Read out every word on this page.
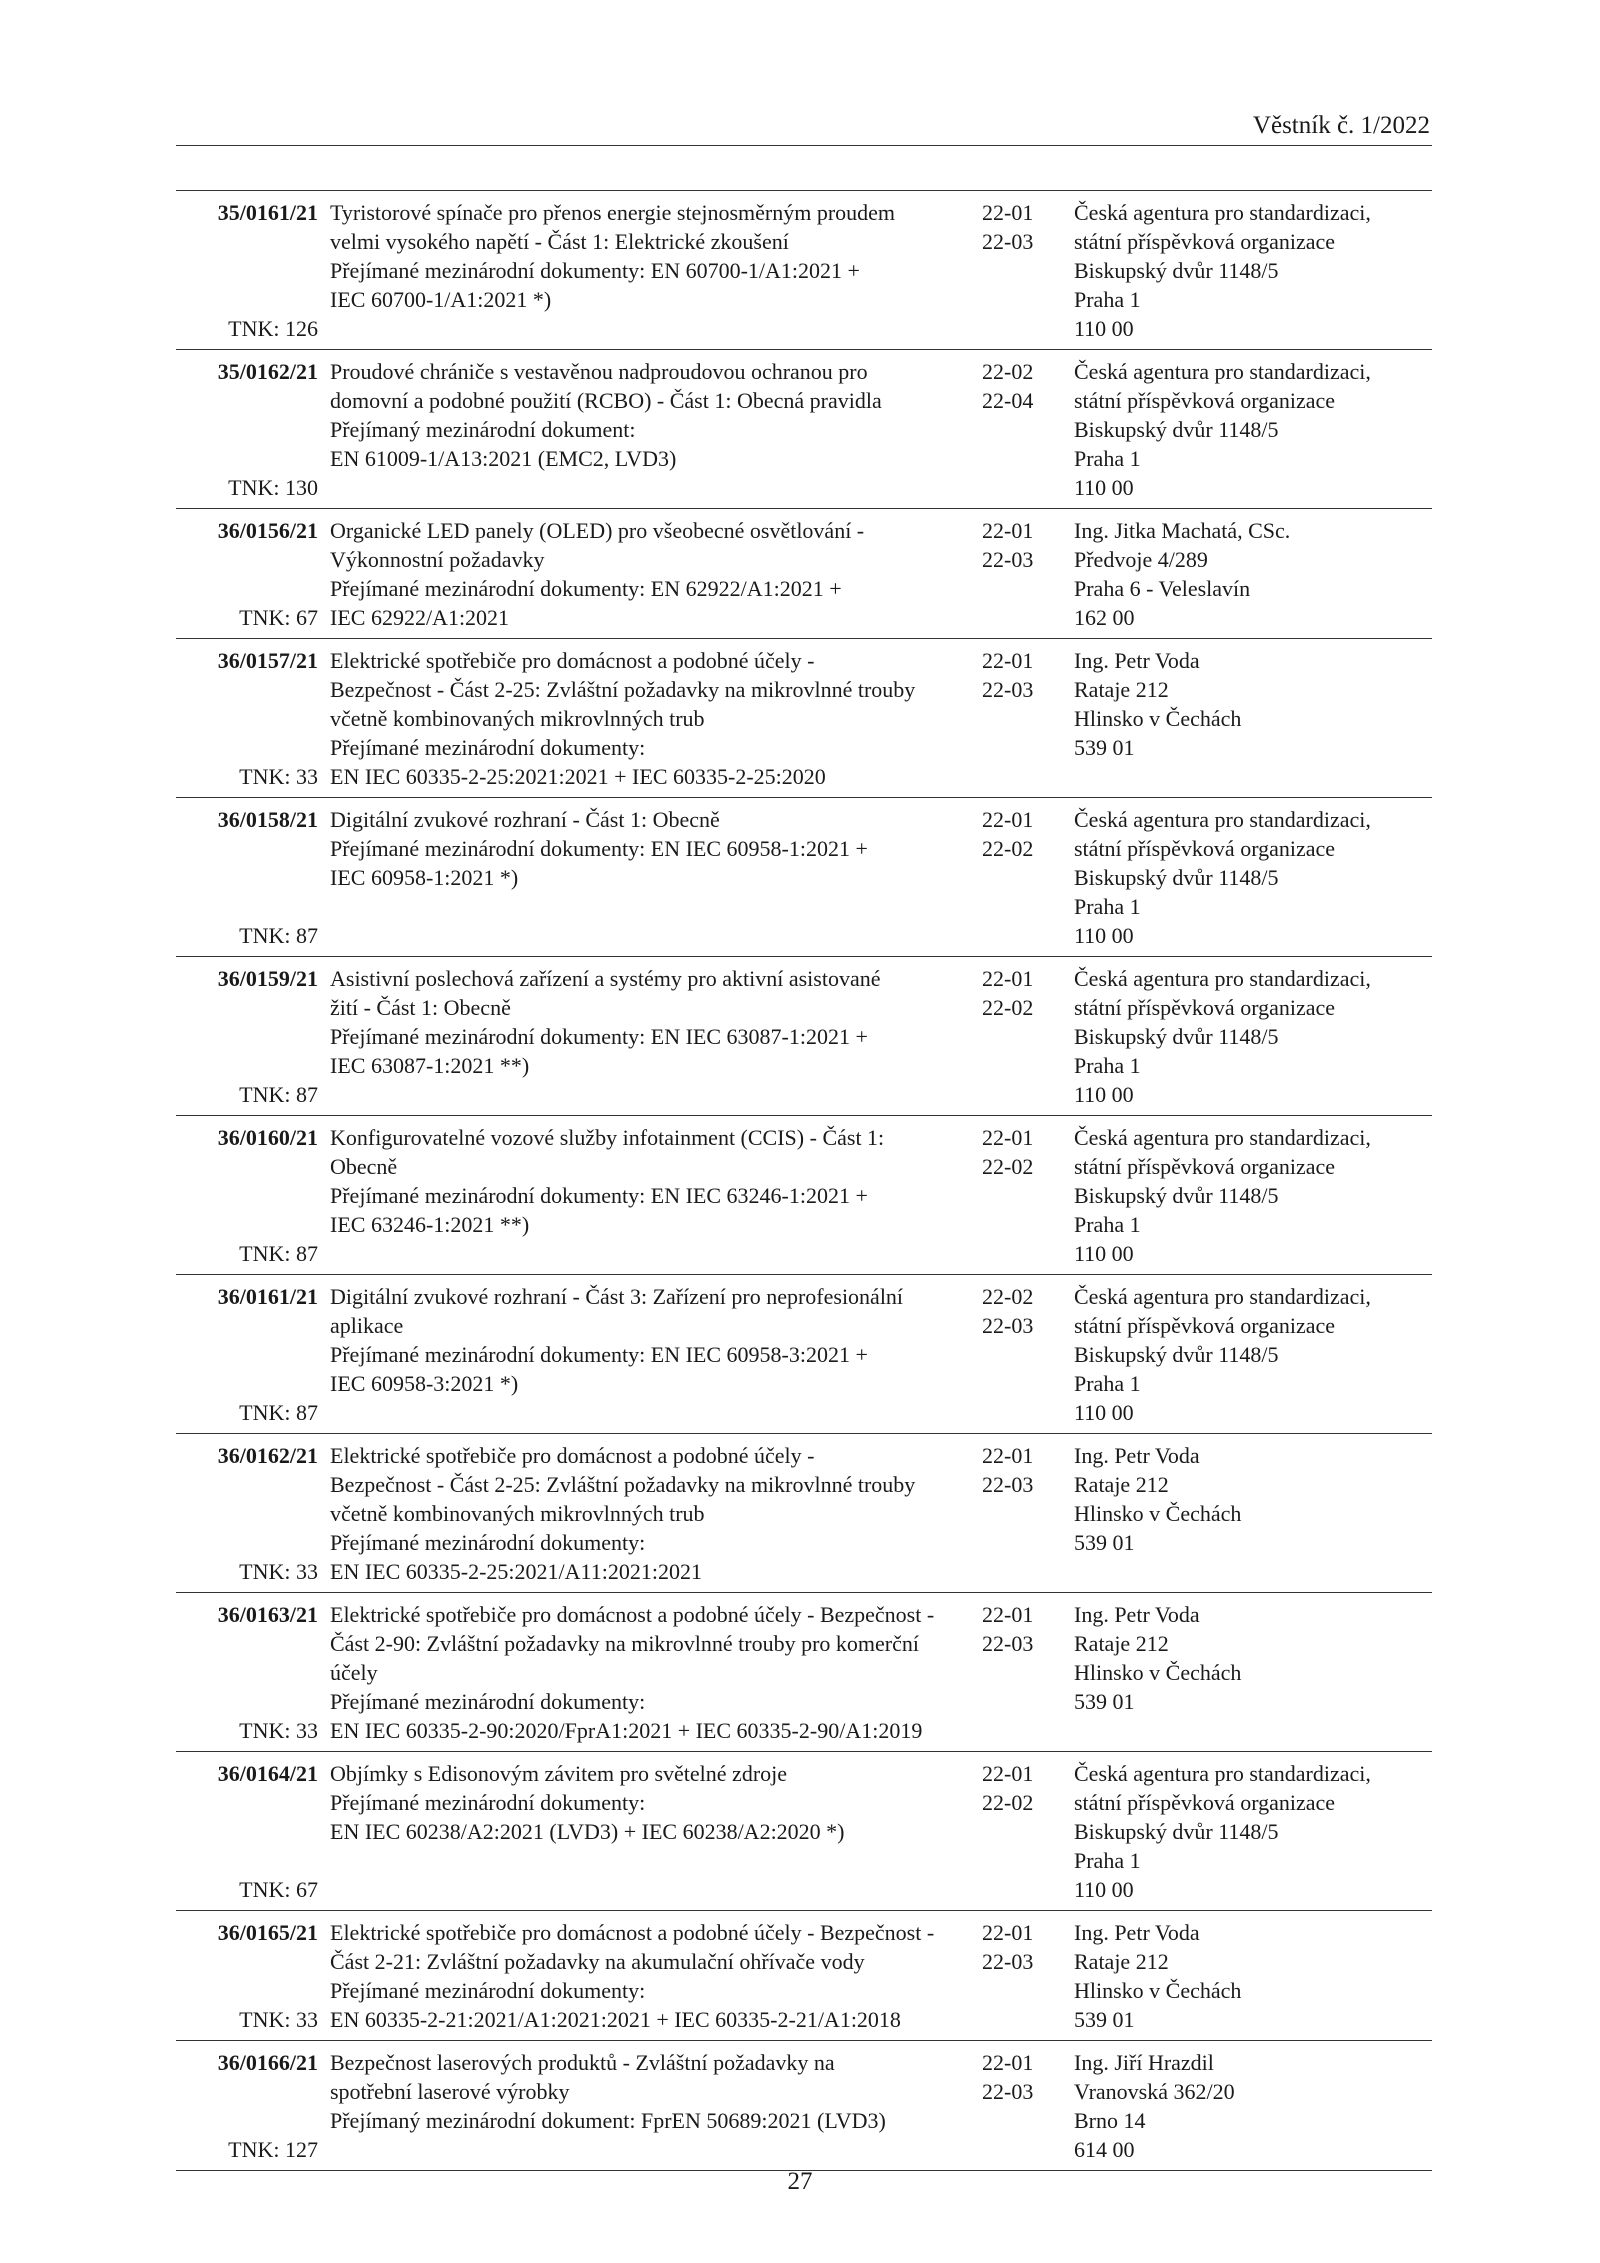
Věstník č. 1/2022
35/0161/21
TNK: 126
Tyristorové spínače pro přenos energie stejnosměrným proudem
velmi vysokého napětí - Část 1: Elektrické zkoušení
Přejímané mezinárodní dokumenty: EN 60700-1/A1:2021 +
IEC 60700-1/A1:2021 *)
22-01
22-03
Česká agentura pro standardizaci,
státní příspěvková organizace
Biskupský dvůr 1148/5
Praha 1
110 00
35/0162/21
TNK: 130
Proudové chrániče s vestavěnou nadproudovou ochranou pro
domovní a podobné použití (RCBO) - Část 1: Obecná pravidla
Přejímaný mezinárodní dokument:
EN 61009-1/A13:2021 (EMC2, LVD3)
22-02
22-04
Česká agentura pro standardizaci,
státní příspěvková organizace
Biskupský dvůr 1148/5
Praha 1
110 00
36/0156/21
TNK: 67
Organické LED panely (OLED) pro všeobecné osvětlování -
Výkonnostní požadavky
Přejímané mezinárodní dokumenty: EN 62922/A1:2021 +
IEC 62922/A1:2021
22-01
22-03
Ing. Jitka Machatá, CSc.
Předvoje 4/289
Praha 6 - Veleslavín
162 00
36/0157/21
TNK: 33
Elektrické spotřebiče pro domácnost a podobné účely -
Bezpečnost - Část 2-25: Zvláštní požadavky na mikrovlnné trouby
včetně kombinovaných mikrovlnných trub
Přejímané mezinárodní dokumenty:
EN IEC 60335-2-25:2021:2021 + IEC 60335-2-25:2020
22-01
22-03
Ing. Petr Voda
Rataje 212
Hlinsko v Čechách
539 01
36/0158/21
TNK: 87
Digitální zvukové rozhraní - Část 1: Obecně
Přejímané mezinárodní dokumenty: EN IEC 60958-1:2021 +
IEC 60958-1:2021 *)
22-01
22-02
Česká agentura pro standardizaci,
státní příspěvková organizace
Biskupský dvůr 1148/5
Praha 1
110 00
36/0159/21
TNK: 87
Asistivní poslechová zařízení a systémy pro aktivní asistované
žití - Část 1: Obecně
Přejímané mezinárodní dokumenty: EN IEC 63087-1:2021 +
IEC 63087-1:2021 **)
22-01
22-02
Česká agentura pro standardizaci,
státní příspěvková organizace
Biskupský dvůr 1148/5
Praha 1
110 00
36/0160/21
TNK: 87
Konfigurovatelné vozové služby infotainment (CCIS) - Část 1:
Obecně
Přejímané mezinárodní dokumenty: EN IEC 63246-1:2021 +
IEC 63246-1:2021 **)
22-01
22-02
Česká agentura pro standardizaci,
státní příspěvková organizace
Biskupský dvůr 1148/5
Praha 1
110 00
36/0161/21
TNK: 87
Digitální zvukové rozhraní - Část 3: Zařízení pro neprofesionální
aplikace
Přejímané mezinárodní dokumenty: EN IEC 60958-3:2021 +
IEC 60958-3:2021 *)
22-02
22-03
Česká agentura pro standardizaci,
státní příspěvková organizace
Biskupský dvůr 1148/5
Praha 1
110 00
36/0162/21
TNK: 33
Elektrické spotřebiče pro domácnost a podobné účely -
Bezpečnost - Část 2-25: Zvláštní požadavky na mikrovlnné trouby
včetně kombinovaných mikrovlnných trub
Přejímané mezinárodní dokumenty:
EN IEC 60335-2-25:2021/A11:2021:2021
22-01
22-03
Ing. Petr Voda
Rataje 212
Hlinsko v Čechách
539 01
36/0163/21
TNK: 33
Elektrické spotřebiče pro domácnost a podobné účely - Bezpečnost -
Část 2-90: Zvláštní požadavky na mikrovlnné trouby pro komerční
účely
Přejímané mezinárodní dokumenty:
EN IEC 60335-2-90:2020/FprA1:2021 + IEC 60335-2-90/A1:2019
22-01
22-03
Ing. Petr Voda
Rataje 212
Hlinsko v Čechách
539 01
36/0164/21
TNK: 67
Objímky s Edisonovým závitem pro světelné zdroje
Přejímané mezinárodní dokumenty:
EN IEC 60238/A2:2021 (LVD3) + IEC 60238/A2:2020 *)
22-01
22-02
Česká agentura pro standardizaci,
státní příspěvková organizace
Biskupský dvůr 1148/5
Praha 1
110 00
36/0165/21
TNK: 33
Elektrické spotřebiče pro domácnost a podobné účely - Bezpečnost -
Část 2-21: Zvláštní požadavky na akumulační ohřívače vody
Přejímané mezinárodní dokumenty:
EN 60335-2-21:2021/A1:2021:2021 + IEC 60335-2-21/A1:2018
22-01
22-03
Ing. Petr Voda
Rataje 212
Hlinsko v Čechách
539 01
36/0166/21
TNK: 127
Bezpečnost laserových produktů - Zvláštní požadavky na
spotřební laserové výrobky
Přejímaný mezinárodní dokument: FprEN 50689:2021 (LVD3)
22-01
22-03
Ing. Jiří Hrazdil
Vranovská 362/20
Brno 14
614 00
27
